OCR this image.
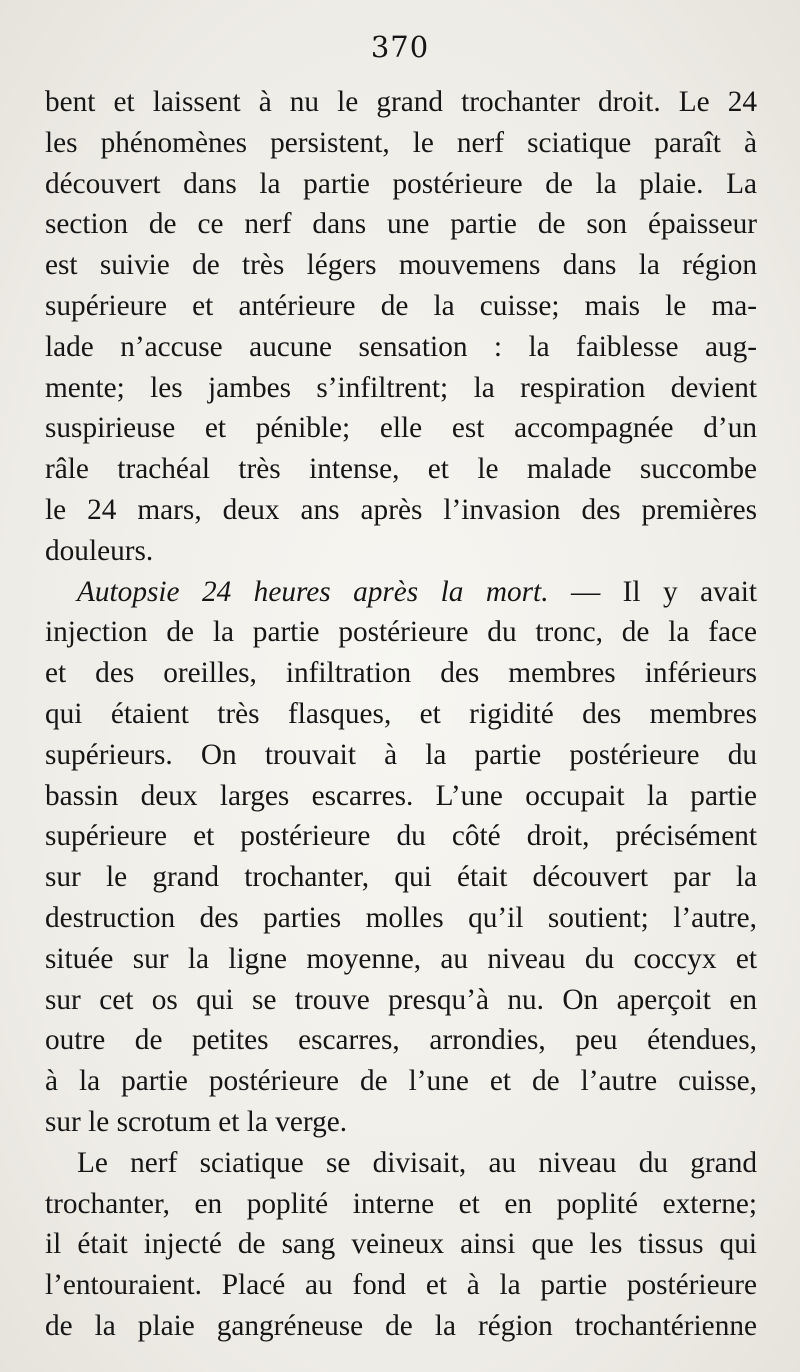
370
bent et laissent à nu le grand trochanter droit. Le 24
les phénomènes persistent, le nerf sciatique paraît à
découvert dans la partie postérieure de la plaie. La
section de ce nerf dans une partie de son épaisseur
est suivie de très légers mouvemens dans la région
supérieure et antérieure de la cuisse; mais le ma-
lade n’accuse aucune sensation : la faiblesse aug-
mente; les jambes s’infiltrent; la respiration devient
suspirieuse et pénible; elle est accompagnée d’un
râle trachéal très intense, et le malade succombe
le 24 mars, deux ans après l’invasion des premières
douleurs.
Autopsie 24 heures après la mort. — Il y avait
injection de la partie postérieure du tronc, de la face
et des oreilles, infiltration des membres inférieurs
qui étaient très flasques, et rigidité des membres
supérieurs. On trouvait à la partie postérieure du
bassin deux larges escarres. L’une occupait la partie
supérieure et postérieure du côté droit, précisément
sur le grand trochanter, qui était découvert par la
destruction des parties molles qu’il soutient; l’autre,
située sur la ligne moyenne, au niveau du coccyx et
sur cet os qui se trouve presqu’à nu. On aperçoit en
outre de petites escarres, arrondies, peu étendues,
à la partie postérieure de l’une et de l’autre cuisse,
sur le scrotum et la verge.
Le nerf sciatique se divisait, au niveau du grand
trochanter, en poplité interne et en poplité externe;
il était injecté de sang veineux ainsi que les tissus qui
l’entouraient. Placé au fond et à la partie postérieure
de la plaie gangréneuse de la région trochantérienne
